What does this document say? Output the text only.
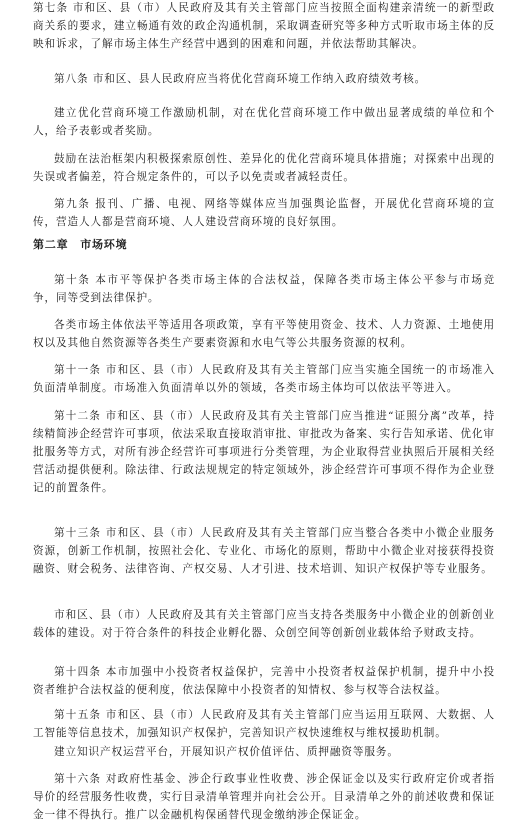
第七条 市和区、县（市）人民政府及其有关主管部门应当按照全面构建亲清统一的新型政商关系的要求，建立畅通有效的政企沟通机制，采取调查研究等多种方式听取市场主体的反映和诉求，了解市场主体生产经营中遇到的困难和问题，并依法帮助其解决。

第八条 市和区、县人民政府应当将优化营商环境工作纳入政府绩效考核。

建立优化营商环境工作激励机制，对在优化营商环境工作中做出显著成绩的单位和个人，给予表彰或者奖励。

鼓励在法治框架内积极探索原创性、差异化的优化营商环境具体措施；对探索中出现的失误或者偏差，符合规定条件的，可以予以免责或者减轻责任。

第九条 报刊、广播、电视、网络等媒体应当加强舆论监督，开展优化营商环境的宣传，营造人人都是营商环境、人人建设营商环境的良好氛围。

第二章　市场环境

第十条 本市平等保护各类市场主体的合法权益，保障各类市场主体公平参与市场竞争，同等受到法律保护。

各类市场主体依法平等适用各项政策，享有平等使用资金、技术、人力资源、土地使用权以及其他自然资源等各类生产要素资源和水电气等公共服务资源的权利。

第十一条 市和区、县（市）人民政府及其有关主管部门应当实施全国统一的市场准入负面清单制度。市场准入负面清单以外的领域，各类市场主体均可以依法平等进入。

第十二条 市和区、县（市）人民政府及其有关主管部门应当推进“证照分离”改革，持续精简涉企经营许可事项，依法采取直接取消审批、审批改为备案、实行告知承诺、优化审批服务等方式，对所有涉企经营许可事项进行分类管理，为企业取得营业执照后开展相关经营活动提供便利。除法律、行政法规规定的特定领域外，涉企经营许可事项不得作为企业登记的前置条件。

第十三条 市和区、县（市）人民政府及其有关主管部门应当整合各类中小微企业服务资源，创新工作机制，按照社会化、专业化、市场化的原则，帮助中小微企业对接获得投资融资、财会税务、法律咨询、产权交易、人才引进、技术培训、知识产权保护等专业服务。

市和区、县（市）人民政府及其有关主管部门应当支持各类服务中小微企业的创新创业载体的建设。对于符合条件的科技企业孵化器、众创空间等创新创业载体给予财政支持。

第十四条 本市加强中小投资者权益保护，完善中小投资者权益保护机制，提升中小投资者维护合法权益的便利度，依法保障中小投资者的知情权、参与权等合法权益。

第十五条 市和区、县（市）人民政府及其有关主管部门应当运用互联网、大数据、人工智能等信息技术，加强知识产权保护，完善知识产权快速维权与维权援助机制。

建立知识产权运营平台，开展知识产权价值评估、质押融资等服务。

第十六条 对政府性基金、涉企行政事业性收费、涉企保证金以及实行政府定价或者指导价的经营服务性收费，实行目录清单管理并向社会公开。目录清单之外的前述收费和保证金一律不得执行。推广以金融机构保函替代现金缴纳涉企保证金。
